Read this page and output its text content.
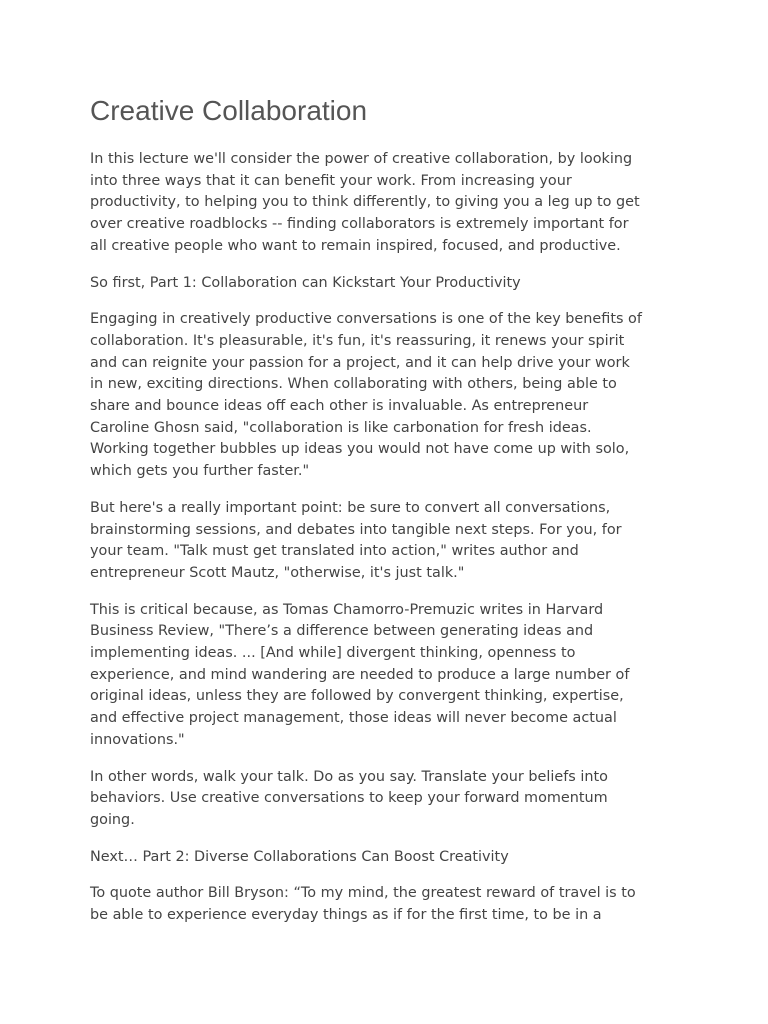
Creative Collaboration

In this lecture we'll consider the power of creative collaboration, by looking
into three ways that it can benefit your work. From increasing your
productivity, to helping you to think differently, to giving you a leg up to get
over creative roadblocks -- finding collaborators is extremely important for
all creative people who want to remain inspired, focused, and productive.

So first, Part 1: Collaboration can Kickstart Your Productivity

Engaging in creatively productive conversations is one of the key benefits of
collaboration. It's pleasurable, it's fun, it's reassuring, it renews your spirit
and can reignite your passion for a project, and it can help drive your work
in new, exciting directions. When collaborating with others, being able to
share and bounce ideas off each other is invaluable. As entrepreneur
Caroline Ghosn said, "collaboration is like carbonation for fresh ideas.
Working together bubbles up ideas you would not have come up with solo,
which gets you further faster."

But here's a really important point: be sure to convert all conversations,
brainstorming sessions, and debates into tangible next steps. For you, for
your team. "Talk must get translated into action," writes author and
entrepreneur Scott Mautz, "otherwise, it's just talk."

This is critical because, as Tomas Chamorro-Premuzic writes in Harvard
Business Review, "There’s a difference between generating ideas and
implementing ideas. ... [And while] divergent thinking, openness to
experience, and mind wandering are needed to produce a large number of
original ideas, unless they are followed by convergent thinking, expertise,
and effective project management, those ideas will never become actual
innovations."

In other words, walk your talk. Do as you say. Translate your beliefs into
behaviors. Use creative conversations to keep your forward momentum
going.

Next… Part 2: Diverse Collaborations Can Boost Creativity

To quote author Bill Bryson: “To my mind, the greatest reward of travel is to
be able to experience everyday things as if for the first time, to be in a
